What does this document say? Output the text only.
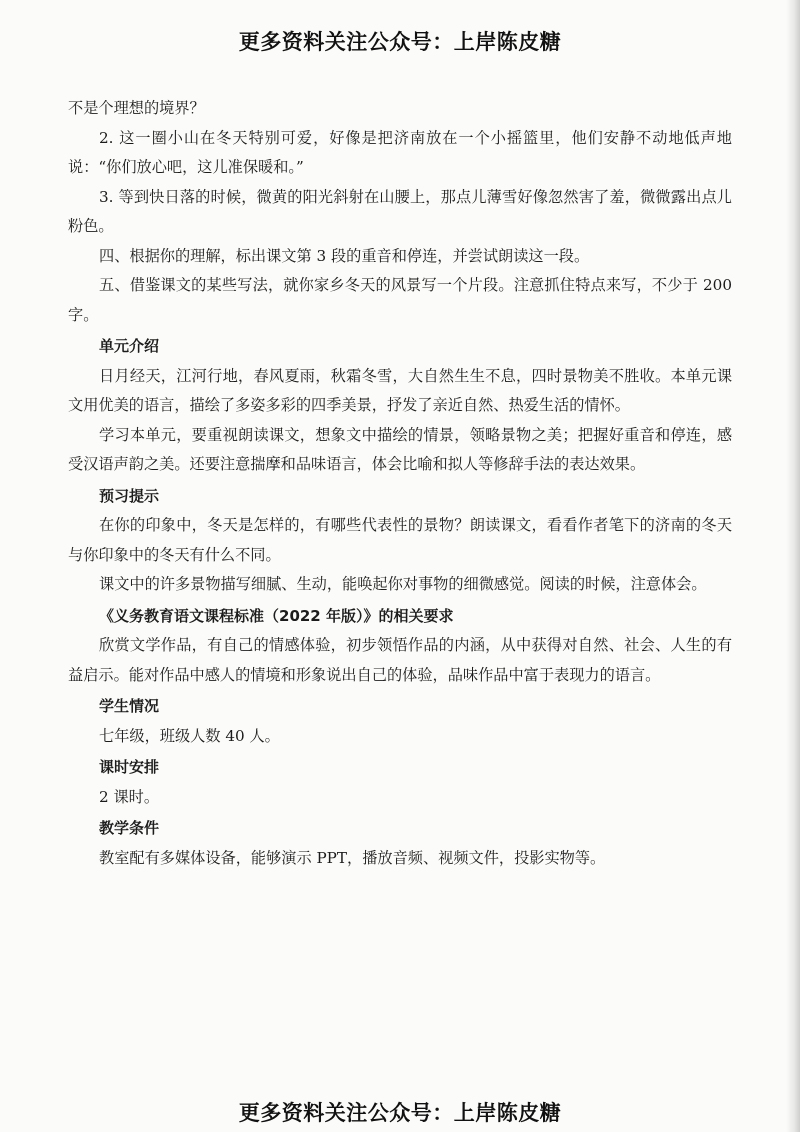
更多资料关注公众号：上岸陈皮糖

不是个理想的境界？

2. 这一圈小山在冬天特别可爱，好像是把济南放在一个小摇篮里，他们安静不动地低声地说：“你们放心吧，这儿准保暖和。”

3. 等到快日落的时候，微黄的阳光斜射在山腰上，那点儿薄雪好像忽然害了羞，微微露出点儿粉色。

四、根据你的理解，标出课文第 3 段的重音和停连，并尝试朗读这一段。

五、借鉴课文的某些写法，就你家乡冬天的风景写一个片段。注意抓住特点来写，不少于 200 字。

单元介绍

日月经天，江河行地，春风夏雨，秋霜冬雪，大自然生生不息，四时景物美不胜收。本单元课文用优美的语言，描绘了多姿多彩的四季美景，抒发了亲近自然、热爱生活的情怀。

学习本单元，要重视朗读课文，想象文中描绘的情景，领略景物之美；把握好重音和停连，感受汉语声韵之美。还要注意揣摩和品味语言，体会比喻和拟人等修辞手法的表达效果。

预习提示

在你的印象中，冬天是怎样的，有哪些代表性的景物？朗读课文，看看作者笔下的济南的冬天与你印象中的冬天有什么不同。

课文中的许多景物描写细腻、生动，能唤起你对事物的细微感觉。阅读的时候，注意体会。

《义务教育语文课程标准（2022 年版）》的相关要求

欣赏文学作品，有自己的情感体验，初步领悟作品的内涵，从中获得对自然、社会、人生的有益启示。能对作品中感人的情境和形象说出自己的体验，品味作品中富于表现力的语言。

学生情况

七年级，班级人数 40 人。

课时安排

2 课时。

教学条件

教室配有多媒体设备，能够演示 PPT，播放音频、视频文件，投影实物等。

更多资料关注公众号：上岸陈皮糖
